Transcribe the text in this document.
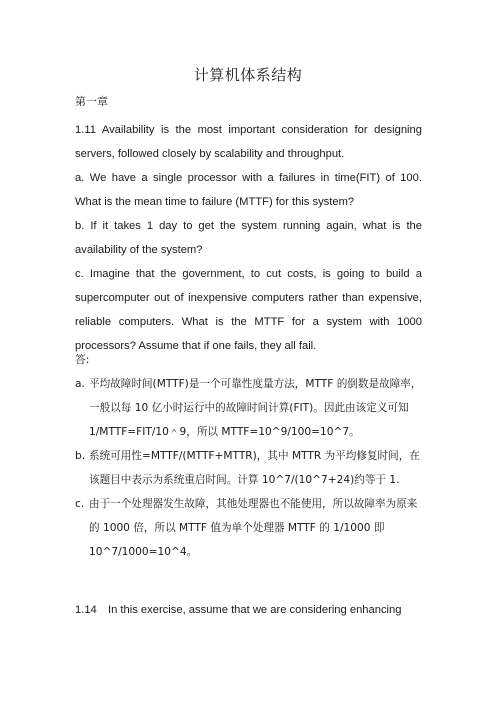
计算机体系结构
第一章
1.11 Availability is the most important consideration for designing servers, followed closely by scalability and throughput.
a. We have a single processor with a failures in time(FIT) of 100. What is the mean time to failure (MTTF) for this system?
b. If it takes 1 day to get the system running again, what is the availability of the system?
c. Imagine that the government, to cut costs, is going to build a supercomputer out of inexpensive computers rather than expensive, reliable computers. What is the MTTF for a system with 1000 processors? Assume that if one fails, they all fail.
答:
a. 平均故障时间(MTTF)是一个可靠性度量方法，MTTF 的倒数是故障率，一般以每 10 亿小时运行中的故障时间计算(FIT)。因此由该定义可知 1/MTTF=FIT/10＾9，所以 MTTF=10^9/100=10^7。
b. 系统可用性=MTTF/(MTTF+MTTR)，其中 MTTR 为平均修复时间，在该题目中表示为系统重启时间。计算 10^7/(10^7+24)约等于 1.
c. 由于一个处理器发生故障，其他处理器也不能使用，所以故障率为原来的 1000 倍，所以 MTTF 值为单个处理器 MTTF 的 1/1000 即 10^7/1000=10^4。
1.14　In this exercise, assume that we are considering enhancing
